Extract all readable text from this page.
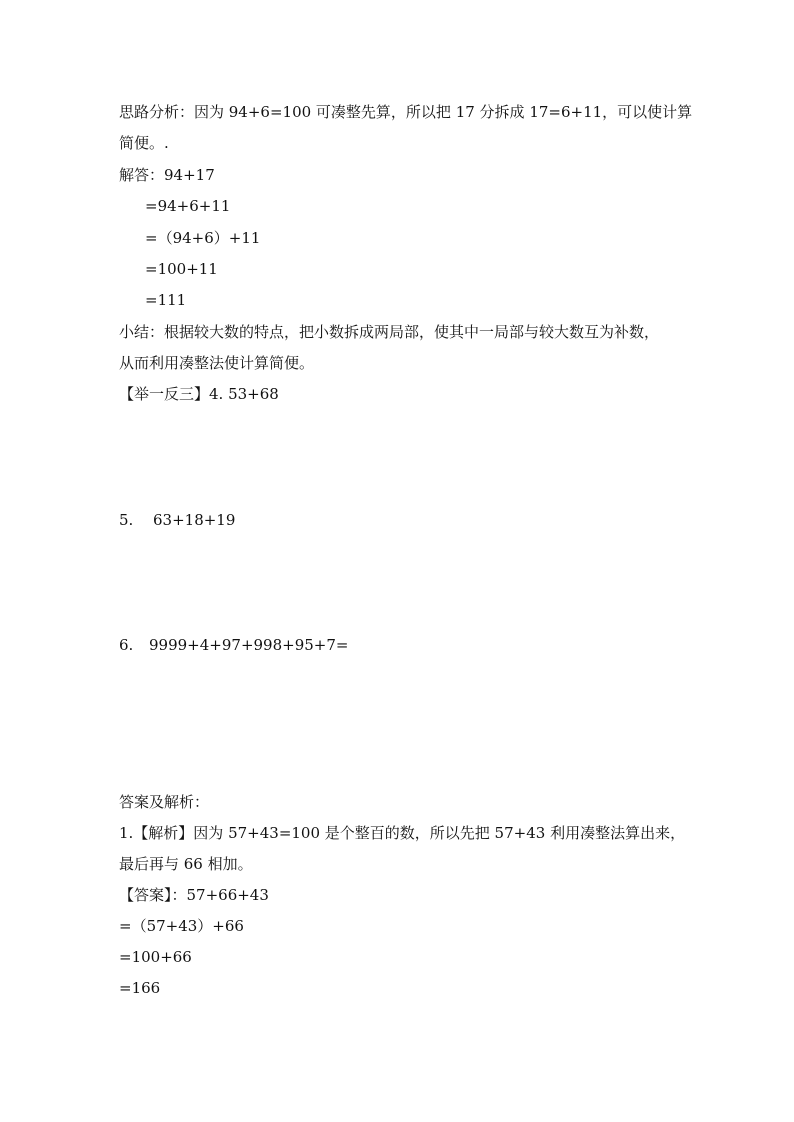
思路分析：因为 94+6=100 可凑整先算，所以把 17 分拆成 17=6+11，可以使计算
简便。.
解答：94+17
=94+6+11
=（94+6）+11
=100+11
=111
小结：根据较大数的特点，把小数拆成两局部，使其中一局部与较大数互为补数，
从而利用凑整法使计算简便。
【举一反三】4. 53+68
5. 63+18+19
6. 9999+4+97+998+95+7=
答案及解析：
1.【解析】因为 57+43=100 是个整百的数，所以先把 57+43 利用凑整法算出来，
最后再与 66 相加。
【答案】：57+66+43
=（57+43）+66
=100+66
=166
